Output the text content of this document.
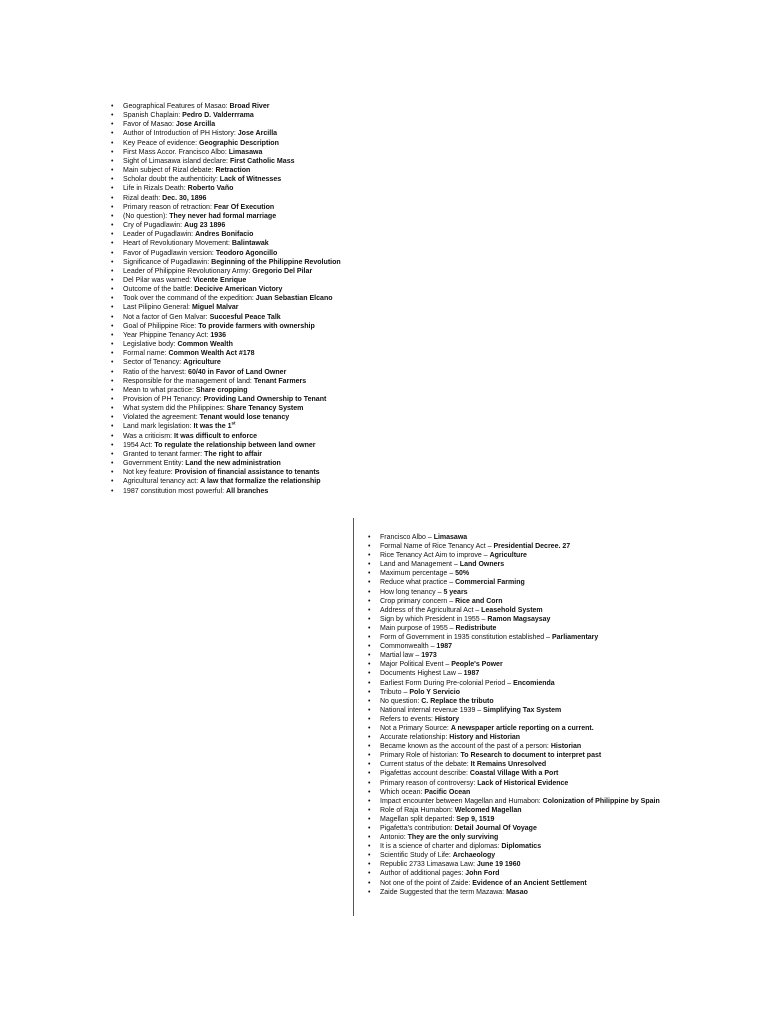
• Geographical Features of Masao: Broad River
• Spanish Chaplain: Pedro D. Valderrrama
• Favor of Masao: Jose Arcilla
• Author of Introduction of PH History: Jose Arcilla
• Key Peace of evidence: Geographic Description
• First Mass Accor. Francisco Albo: Limasawa
• Sight of Limasawa island declare: First Catholic Mass
• Main subject of Rizal debate: Retraction
• Scholar doubt the authenticity: Lack of Witnesses
• Life in Rizals Death: Roberto Vaño
• Rizal death: Dec. 30, 1896
• Primary reason of retraction: Fear Of Execution
• (No question): They never had formal marriage
• Cry of Pugadlawin: Aug 23 1896
• Leader of Pugadlawin: Andres Bonifacio
• Heart of Revolutionary Movement: Balintawak
• Favor of Pugadlawin version: Teodoro Agoncillo
• Significance of Pugadlawin: Beginning of the Philippine Revolution
• Leader of Philippine Revolutionary Army: Gregorio Del Pilar
• Del Pilar was warned: Vicente Enrique
• Outcome of the battle: Decicive American Victory
• Took over the command of the expedition: Juan Sebastian Elcano
• Last Pilipino General: Miguel Malvar
• Not a factor of Gen Malvar: Succesful Peace Talk
• Goal of Philippine Rice: To provide farmers with ownership
• Year Phippine Tenancy Act: 1936
• Legislative body: Common Wealth
• Formal name: Common Wealth Act #178
• Sector of Tenancy: Agriculture
• Ratio of the harvest: 60/40 in Favor of Land Owner
• Responsible for the management of land: Tenant Farmers
• Mean to what practice: Share cropping
• Provision of PH Tenancy: Providing Land Ownership to Tenant
• What system did the Philippines: Share Tenancy System
• Violated the agreement: Tenant would lose tenancy
• Land mark legislation: It was the 1st
• Was a criticism: It was difficult to enforce
• 1954 Act: To regulate the relationship between land owner
• Granted to tenant farmer: The right to affair
• Government Entity: Land the new administration
• Not key feature: Provision of financial assistance to tenants
• Agricultural tenancy act: A law that formalize the relationship
• 1987 constitution most powerful: All branches
• Francisco Albo – Limasawa
• Formal Name of Rice Tenancy Act – Presidential Decree. 27
• Rice Tenancy Act Aim to improve – Agriculture
• Land and Management – Land Owners
• Maximum percentage – 50%
• Reduce what practice – Commercial Farming
• How long tenancy – 5 years
• Crop primary concern – Rice and Corn
• Address of the Agricultural Act – Leasehold System
• Sign by which President in 1955 – Ramon Magsaysay
• Main purpose of 1955 – Redistribute
• Form of Government in 1935 constitution established – Parliamentary
• Commonwealth – 1987
• Martial law – 1973
• Major Political Event – People's Power
• Documents Highest Law – 1987
• Earliest Form During Pre-colonial Period – Encomienda
• Tributo – Polo Y Servicio
• No question: C. Replace the tributo
• National internal revenue 1939 – Simplifying Tax System
• Refers to events: History
• Not a Primary Source: A newspaper article reporting on a current.
• Accurate relationship: History and Historian
• Became known as the account of the past of a person: Historian
• Primary Role of historian: To Research to document to interpret past
• Current status of the debate: It Remains Unresolved
• Pigafettas account describe: Coastal Village With a Port
• Primary reason of controversy: Lack of Historical Evidence
• Which ocean: Pacific Ocean
• Impact encounter between Magellan and Humabon: Colonization of Philippine by Spain
• Role of Raja Humabon: Welcomed Magellan
• Magellan split departed: Sep 9, 1519
• Pigafetta's contribution: Detail Journal Of Voyage
• Antonio: They are the only surviving
• It is a science of charter and diplomas: Diplomatics
• Scientific Study of Life: Archaeology
• Republic 2733 Limasawa Law: June 19 1960
• Author of additional pages: John Ford
• Not one of the point of Zaide: Evidence of an Ancient Settlement
• Zaide Suggested that the term Mazawa: Masao
